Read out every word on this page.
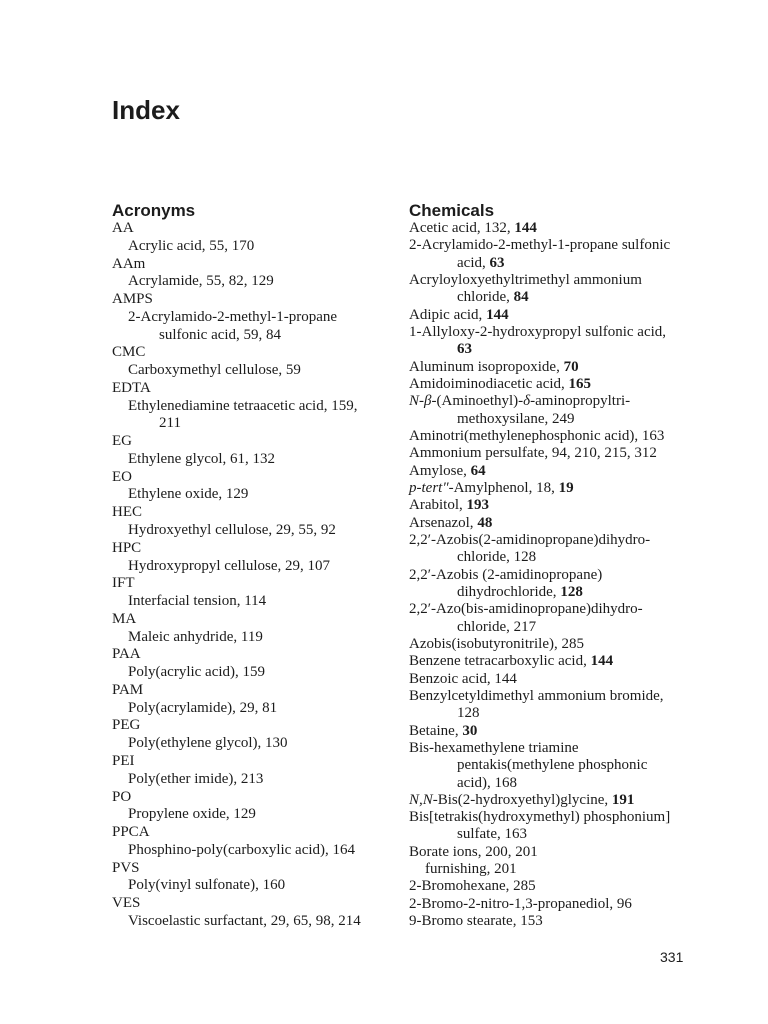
Index
Acronyms
AA
Acrylic acid, 55, 170
AAm
Acrylamide, 55, 82, 129
AMPS
2-Acrylamido-2-methyl-1-propane
sulfonic acid, 59, 84
CMC
Carboxymethyl cellulose, 59
EDTA
Ethylenediamine tetraacetic acid, 159,
211
EG
Ethylene glycol, 61, 132
EO
Ethylene oxide, 129
HEC
Hydroxyethyl cellulose, 29, 55, 92
HPC
Hydroxypropyl cellulose, 29, 107
IFT
Interfacial tension, 114
MA
Maleic anhydride, 119
PAA
Poly(acrylic acid), 159
PAM
Poly(acrylamide), 29, 81
PEG
Poly(ethylene glycol), 130
PEI
Poly(ether imide), 213
PO
Propylene oxide, 129
PPCA
Phosphino-poly(carboxylic acid), 164
PVS
Poly(vinyl sulfonate), 160
VES
Viscoelastic surfactant, 29, 65, 98, 214
Chemicals
Acetic acid, 132, 144
2-Acrylamido-2-methyl-1-propane sulfonic
acid, 63
Acryloyloxyethyltrimethyl ammonium
chloride, 84
Adipic acid, 144
1-Allyloxy-2-hydroxypropyl sulfonic acid,
63
Aluminum isopropoxide, 70
Amidoiminodiacetic acid, 165
N-β-(Aminoethyl)-δ-aminopropyltri-
methoxysilane, 249
Aminotri(methylenephosphonic acid), 163
Ammonium persulfate, 94, 210, 215, 312
Amylose, 64
p-tert″-Amylphenol, 18, 19
Arabitol, 193
Arsenazol, 48
2,2′-Azobis(2-amidinopropane)dihydro-
chloride, 128
2,2′-Azobis (2-amidinopropane)
dihydrochloride, 128
2,2′-Azo(bis-amidinopropane)dihydro-
chloride, 217
Azobis(isobutyronitrile), 285
Benzene tetracarboxylic acid, 144
Benzoic acid, 144
Benzylcetyldimethyl ammonium bromide,
128
Betaine, 30
Bis-hexamethylene triamine
pentakis(methylene phosphonic
acid), 168
N,N-Bis(2-hydroxyethyl)glycine, 191
Bis[tetrakis(hydroxymethyl) phosphonium]
sulfate, 163
Borate ions, 200, 201
furnishing, 201
2-Bromohexane, 285
2-Bromo-2-nitro-1,3-propanediol, 96
9-Bromo stearate, 153
331
